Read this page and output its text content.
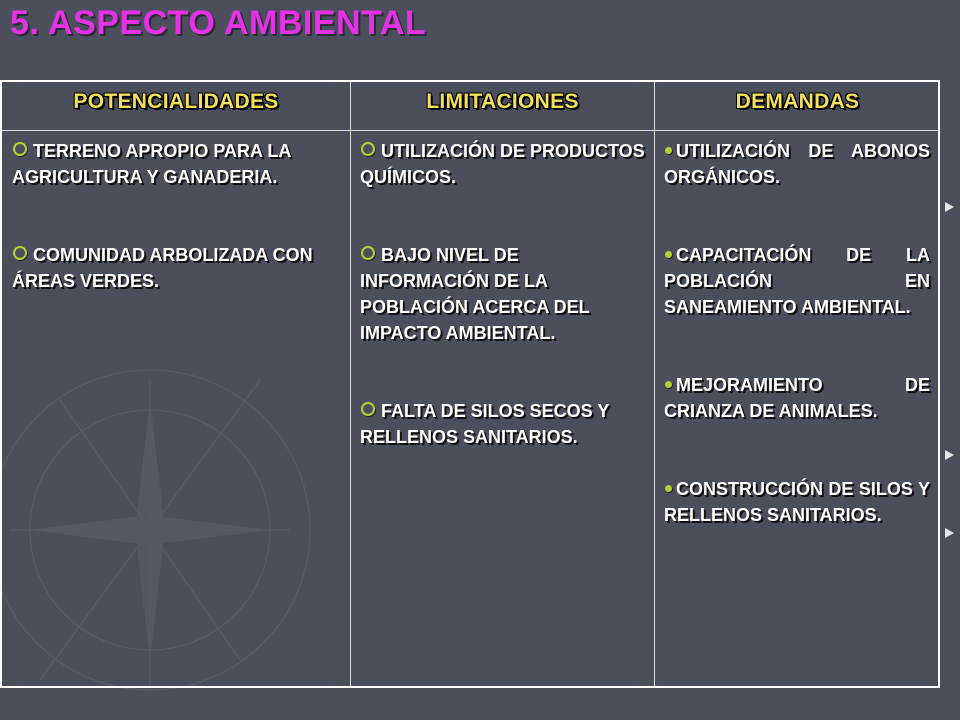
5. ASPECTO AMBIENTAL
POTENCIALIDADES	LIMITACIONES	DEMANDAS

TERRENO APROPIO PARA LA AGRICULTURA Y GANADERIA.

COMUNIDAD ARBOLIZADA CON ÁREAS VERDES.

UTILIZACIÓN DE PRODUCTOS QUÍMICOS.

BAJO NIVEL DE INFORMACIÓN DE LA POBLACIÓN ACERCA DEL IMPACTO AMBIENTAL.

FALTA DE SILOS SECOS Y RELLENOS SANITARIOS.

UTILIZACIÓN DE ABONOS ORGÁNICOS.

CAPACITACIÓN DE LA POBLACIÓN EN SANEAMIENTO AMBIENTAL.

MEJORAMIENTO DE CRIANZA DE ANIMALES.

CONSTRUCCIÓN DE SILOS Y RELLENOS SANITARIOS.
